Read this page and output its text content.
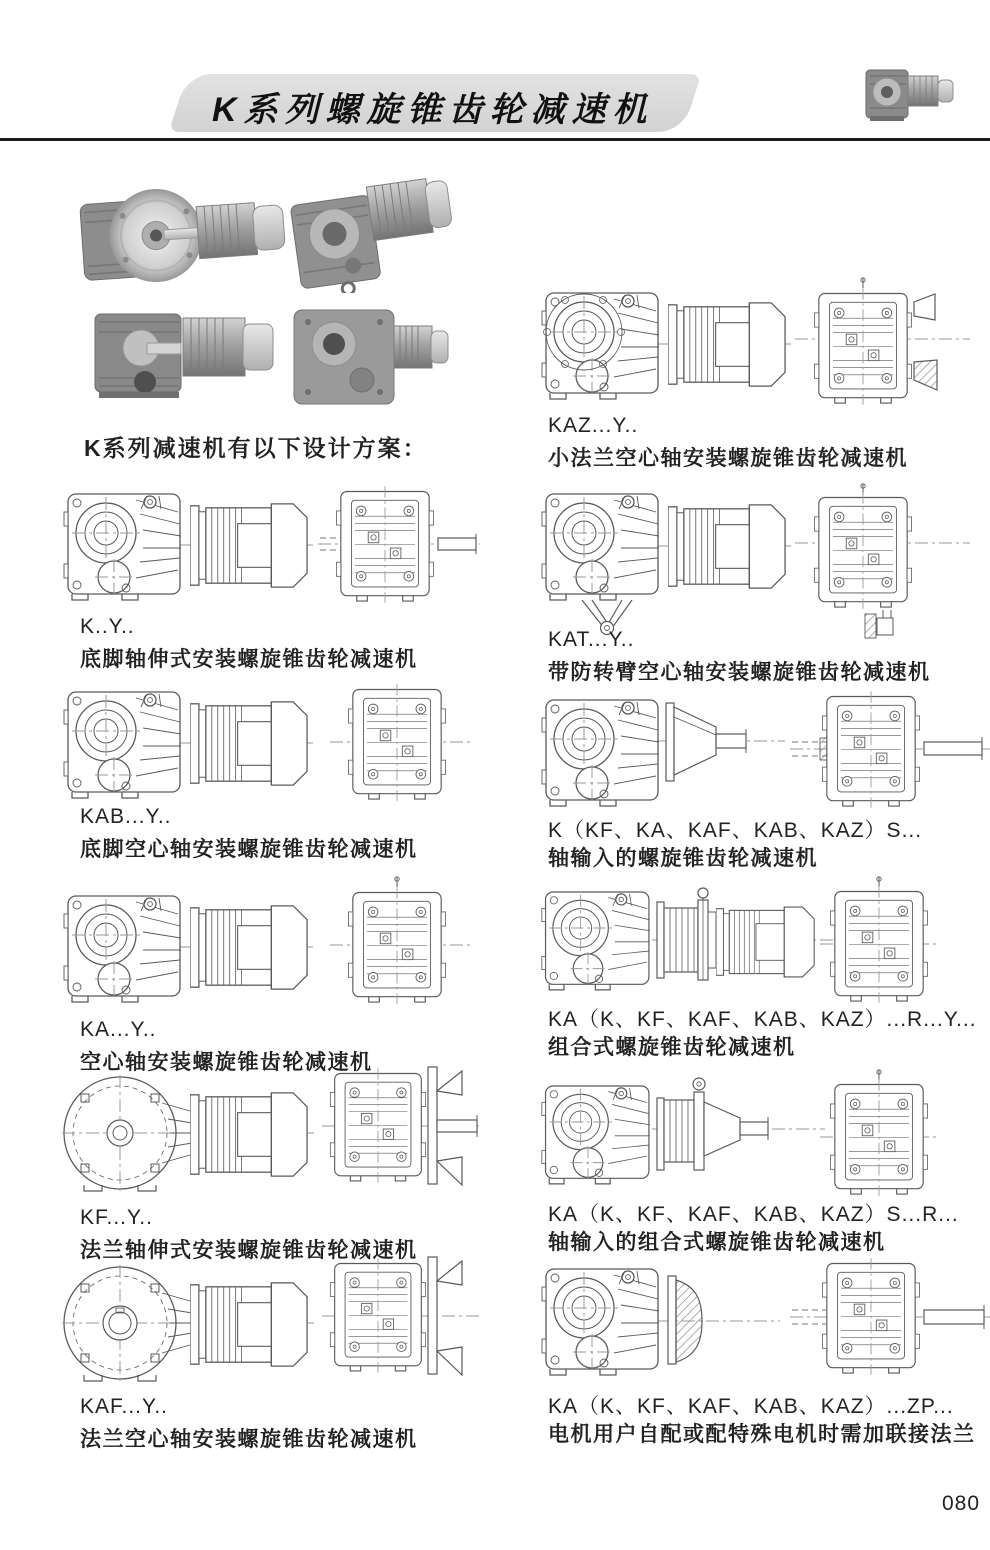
K系列螺旋锥齿轮减速机
K系列减速机有以下设计方案：
K..Y..
底脚轴伸式安装螺旋锥齿轮减速机
KAB...Y..
底脚空心轴安装螺旋锥齿轮减速机
KA...Y..
空心轴安装螺旋锥齿轮减速机
KF...Y..
法兰轴伸式安装螺旋锥齿轮减速机
KAF...Y..
法兰空心轴安装螺旋锥齿轮减速机
KAZ...Y..
小法兰空心轴安装螺旋锥齿轮减速机
KAT...Y..
带防转臂空心轴安装螺旋锥齿轮减速机
K（KF、KA、KAF、KAB、KAZ）S...
轴输入的螺旋锥齿轮减速机
KA（K、KF、KAF、KAB、KAZ）...R...Y...
组合式螺旋锥齿轮减速机
KA（K、KF、KAF、KAB、KAZ）S...R...
轴输入的组合式螺旋锥齿轮减速机
KA（K、KF、KAF、KAB、KAZ）...ZP...
电机用户自配或配特殊电机时需加联接法兰
080
